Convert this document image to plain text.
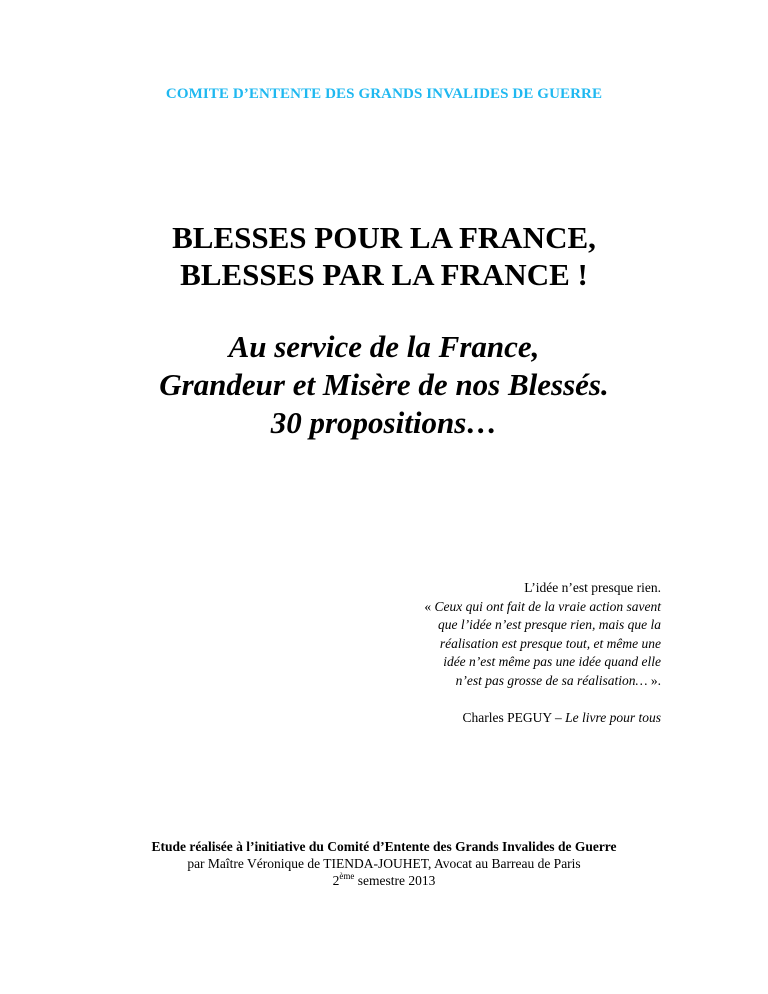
COMITE D’ENTENTE DES GRANDS INVALIDES DE GUERRE
BLESSES POUR LA FRANCE,
BLESSES PAR LA FRANCE !
Au service de la France,
Grandeur et Misère de nos Blessés.
30 propositions…
L’idée n’est presque rien.
« Ceux qui ont fait de la vraie action savent
que l’idée n’est presque rien, mais que la
réalisation est presque tout, et même une
idée n’est même pas une idée quand elle
n’est pas grosse de sa réalisation… ».
Charles PEGUY – Le livre pour tous
Etude réalisée à l’initiative du Comité d’Entente des Grands Invalides de Guerre
par Maître Véronique de TIENDA-JOUHET, Avocat au Barreau de Paris
2ème semestre 2013
